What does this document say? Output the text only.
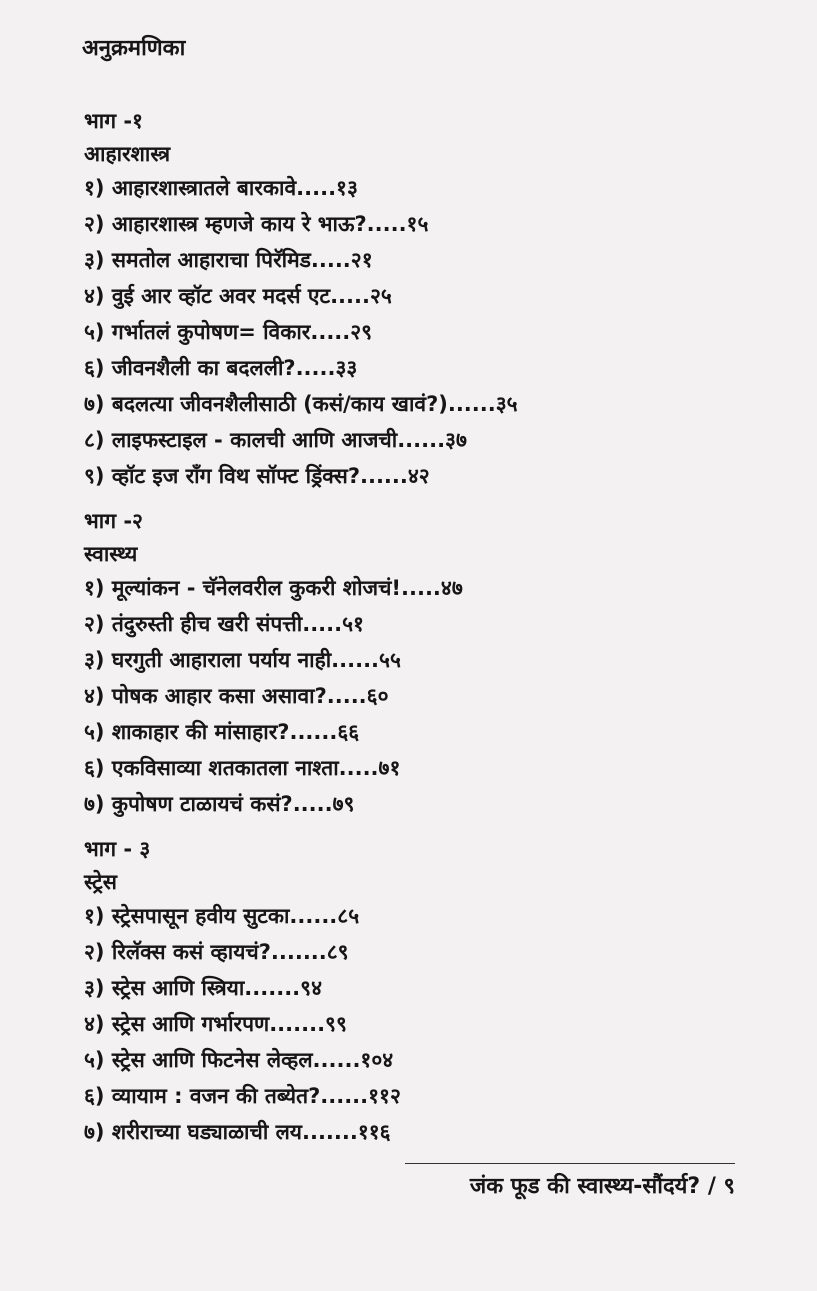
अनुक्रमणिका
भाग -१
आहारशास्त्र
१) आहारशास्त्रातले बारकावे.....१३
२) आहारशास्त्र म्हणजे काय रे भाऊ?.....१५
३) समतोल आहाराचा पिरॅमिड.....२१
४) वुई आर व्हॉट अवर मदर्स एट.....२५
५) गर्भातलं कुपोषण= विकार.....२९
६) जीवनशैली का बदलली?.....३३
७) बदलत्या जीवनशैलीसाठी (कसं/काय खावं?)......३५
८) लाइफस्टाइल - कालची आणि आजची......३७
९) व्हॉट इज राँग विथ सॉफ्ट ड्रिंक्स?......४२
भाग -२
स्वास्थ्य
१) मूल्यांकन - चॅनेलवरील कुकरी शोजचं!.....४७
२) तंदुरुस्ती हीच खरी संपत्ती.....५१
३) घरगुती आहाराला पर्याय नाही......५५
४) पोषक आहार कसा असावा?.....६०
५) शाकाहार की मांसाहार?......६६
६) एकविसाव्या शतकातला नाश्ता.....७१
७) कुपोषण टाळायचं कसं?.....७९
भाग - ३
स्ट्रेस
१) स्ट्रेसपासून हवीय सुटका......८५
२) रिलॅक्स कसं व्हायचं?.......८९
३) स्ट्रेस आणि स्त्रिया.......९४
४) स्ट्रेस आणि गर्भारपण.......९९
५) स्ट्रेस आणि फिटनेस लेव्हल......१०४
६) व्यायाम : वजन की तब्येत?......११२
७) शरीराच्या घड्याळाची लय.......११६
जंक फूड की स्वास्थ्य-सौंदर्य? / ९
